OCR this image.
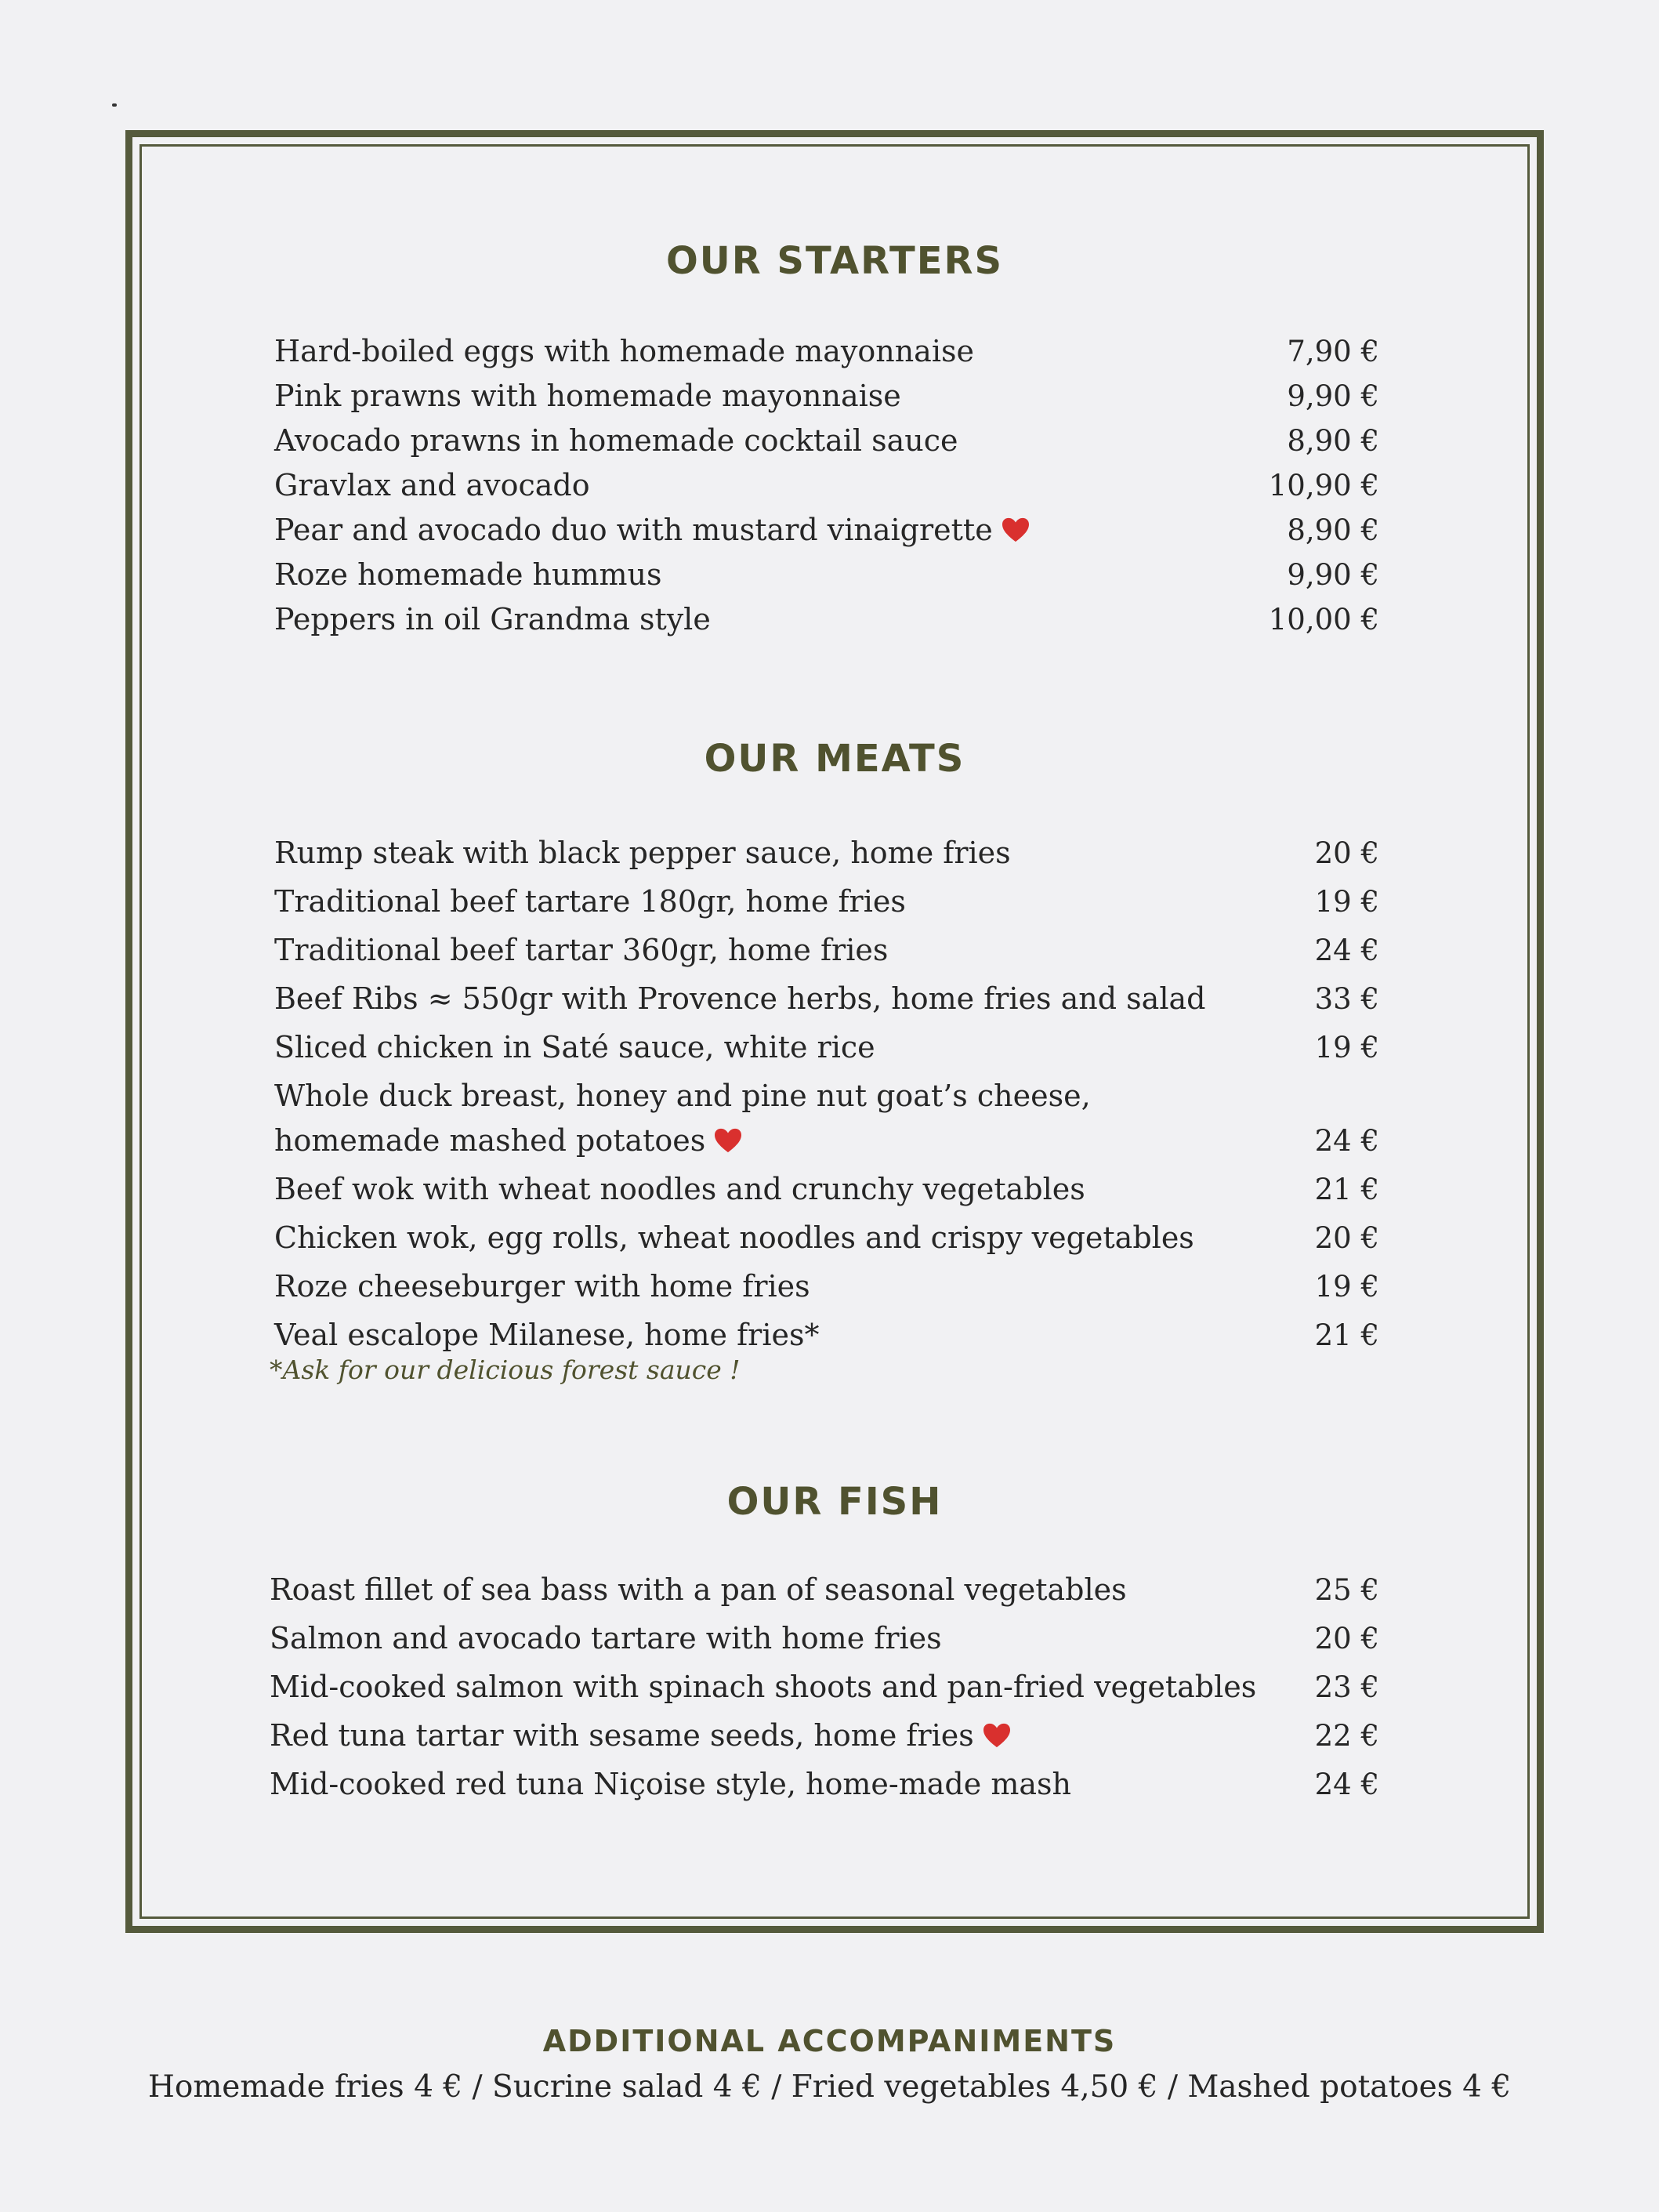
OUR STARTERS
Hard-boiled eggs with homemade mayonnaise	7,90 €
Pink prawns with homemade mayonnaise	9,90 €
Avocado prawns in homemade cocktail sauce	8,90 €
Gravlax and avocado	10,90 €
Pear and avocado duo with mustard vinaigrette	8,90 €
Roze homemade hummus	9,90 €
Peppers in oil Grandma style	10,00 €
OUR MEATS
Rump steak with black pepper sauce, home fries	20 €
Traditional beef tartare 180gr, home fries	19 €
Traditional beef tartar 360gr, home fries	24 €
Beef Ribs ≈ 550gr with Provence herbs, home fries and salad	33 €
Sliced chicken in Saté sauce, white rice	19 €
Whole duck breast, honey and pine nut goat’s cheese,
homemade mashed potatoes	24 €
Beef wok with wheat noodles and crunchy vegetables	21 €
Chicken wok, egg rolls, wheat noodles and crispy vegetables	20 €
Roze cheeseburger with home fries	19 €
Veal escalope Milanese, home fries*	21 €

*Ask for our delicious forest sauce !

OUR FISH
Roast fillet of sea bass with a pan of seasonal vegetables	25 €
Salmon and avocado tartare with home fries	20 €
Mid-cooked salmon with spinach shoots and pan-fried vegetables 23 €
Red tuna tartar with sesame seeds, home fries	22 €
Mid-cooked red tuna Niçoise style, home-made mash	24 €
ADDITIONAL ACCOMPANIMENTS

Homemade fries 4 € / Sucrine salad 4 € / Fried vegetables 4,50 € / Mashed potatoes 4 €
